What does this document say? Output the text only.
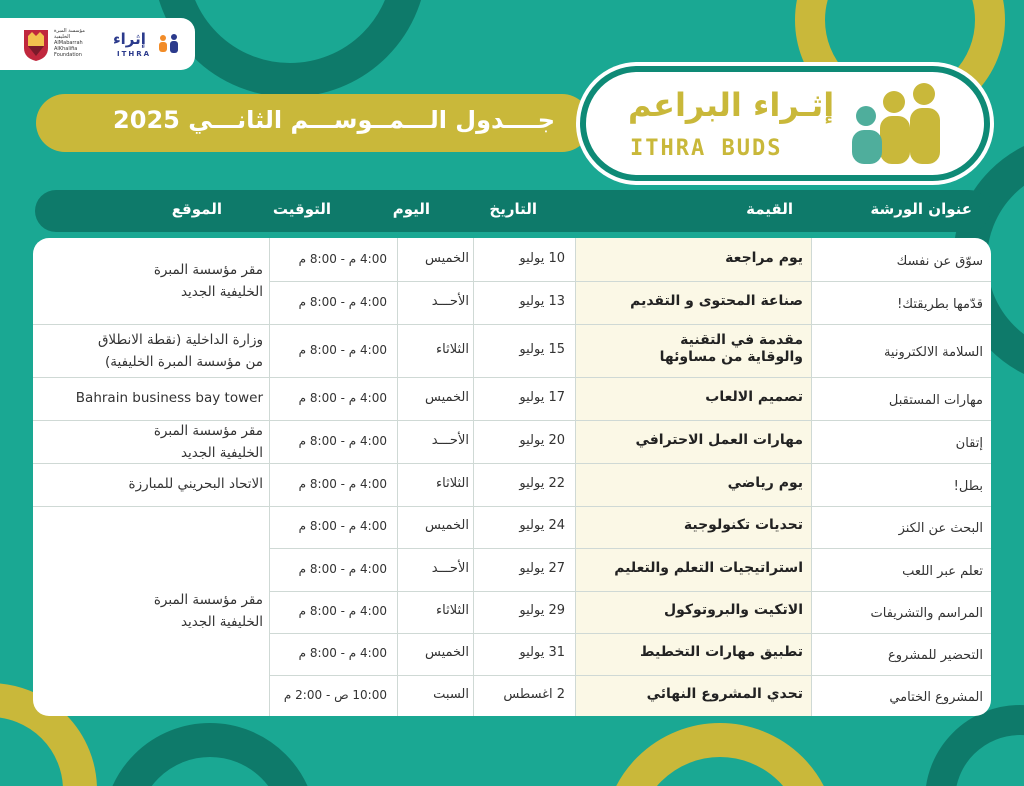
مؤسسة المبرة الخليفية
AlMabarrah AlKhalifia Foundation
إثراء
ITHRA
جــــدول الـــمــوســـم الثانـــي 2025 إثـراء البراعم
ITHRA BUDS
عنوان الورشة
القيمة
التاريخ
اليوم
التوقيت
الموقع
سوّق عن نفسك
يوم مراجعة
10 يوليو
الخميس
4:00 م - 8:00 م
قدّمها بطريقتك!
صناعة المحتوى و التقديم
13 يوليو
الأحـــد
4:00 م - 8:00 م
السلامة الالكترونية
مقدمة في التقنية
والوقاية من مساوئها
15 يوليو
الثلاثاء
4:00 م - 8:00 م
مهارات المستقبل
تصميم الالعاب
17 يوليو
الخميس
4:00 م - 8:00 م
إتقان
مهارات العمل الاحترافي
20 يوليو
الأحـــد
4:00 م - 8:00 م
بطل!
يوم رياضي
22 يوليو
الثلاثاء
4:00 م - 8:00 م
البحث عن الكنز
تحديات تكنولوجية
24 يوليو
الخميس
4:00 م - 8:00 م
تعلم عبر اللعب
استراتيجيات التعلم والتعليم
27 يوليو
الأحـــد
4:00 م - 8:00 م
المراسم والتشريفات
الاتكيت والبروتوكول
29 يوليو
الثلاثاء
4:00 م - 8:00 م
التحضير للمشروع
تطبيق مهارات التخطيط
31 يوليو
الخميس
4:00 م - 8:00 م
المشروع الختامي
تحدي المشروع النهائي
2 اغسطس
السبت
10:00 ص - 2:00 م
مقر مؤسسة المبرة
الخليفية الجديد
وزارة الداخلية (نقطة الانطلاق
من مؤسسة المبرة الخليفية)
Bahrain business bay tower
مقر مؤسسة المبرة
الخليفية الجديد
الاتحاد البحريني للمبارزة
مقر مؤسسة المبرة
الخليفية الجديد
